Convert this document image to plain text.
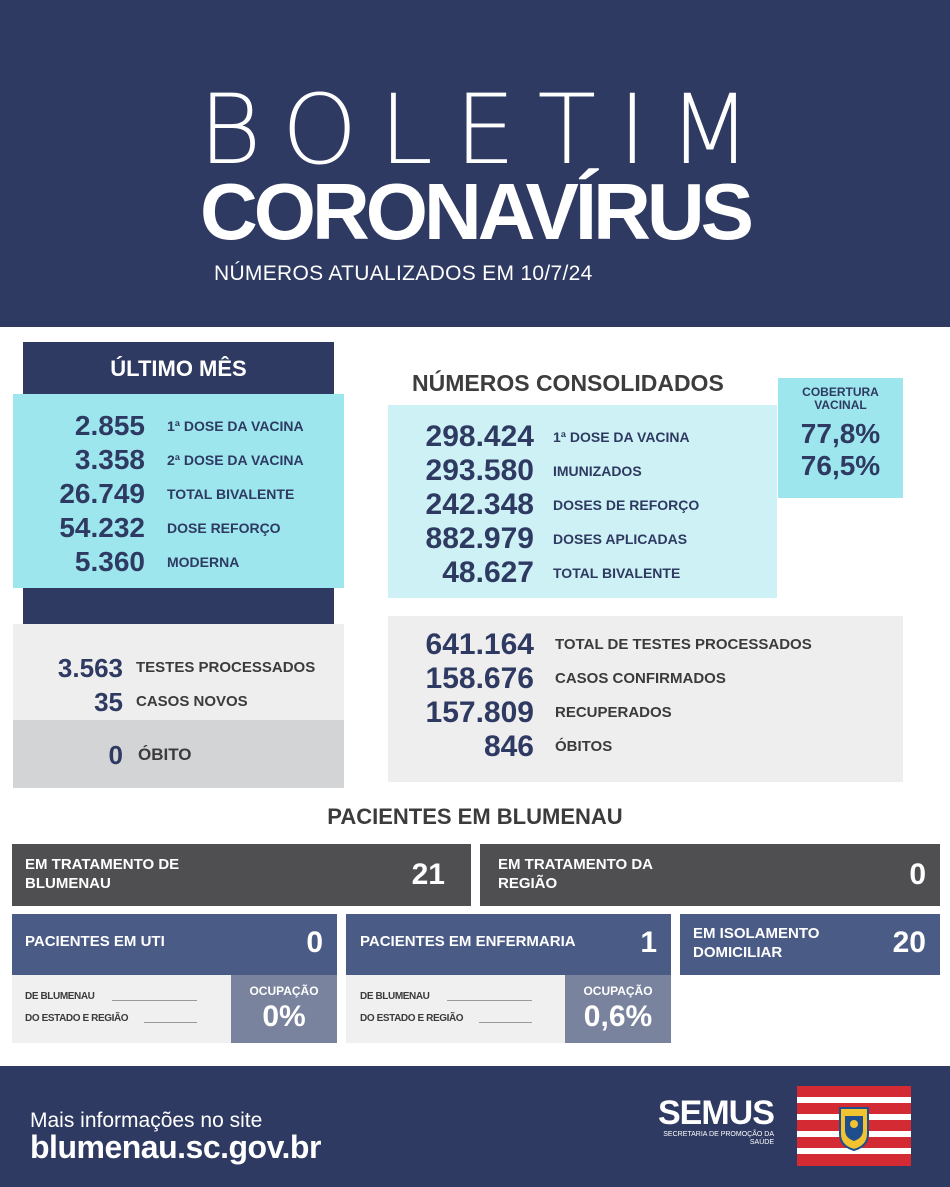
BOLETIM
CORONAVÍRUS
NÚMEROS ATUALIZADOS EM 10/7/24
ÚLTIMO MÊS
2.855 1ª DOSE DA VACINA
3.358 2ª DOSE DA VACINA
26.749 TOTAL BIVALENTE
54.232 DOSE REFORÇO
5.360 MODERNA
3.563 TESTES PROCESSADOS
35 CASOS NOVOS
0 ÓBITO
NÚMEROS CONSOLIDADOS
298.424 1ª DOSE DA VACINA
293.580 IMUNIZADOS
242.348 DOSES DE REFORÇO
882.979 DOSES APLICADAS
48.627 TOTAL BIVALENTE
COBERTURA VACINAL
77,8%
76,5%
641.164 TOTAL DE TESTES PROCESSADOS
158.676 CASOS CONFIRMADOS
157.809 RECUPERADOS
846 ÓBITOS
PACIENTES EM BLUMENAU
EM TRATAMENTO DE BLUMENAU	21	EM TRATAMENTO DA REGIÃO	0
PACIENTES EM UTI	0
DE BLUMENAU
DO ESTADO E REGIÃO
OCUPAÇÃO
0%
PACIENTES EM ENFERMARIA 1
DE BLUMENAU
DO ESTADO E REGIÃO
OCUPAÇÃO
0,6%
EM ISOLAMENTO DOMICILIAR	20
Mais informações no site
blumenau.sc.gov.br
SEMUS
SECRETARIA DE PROMOÇÃO DA SAÚDE
